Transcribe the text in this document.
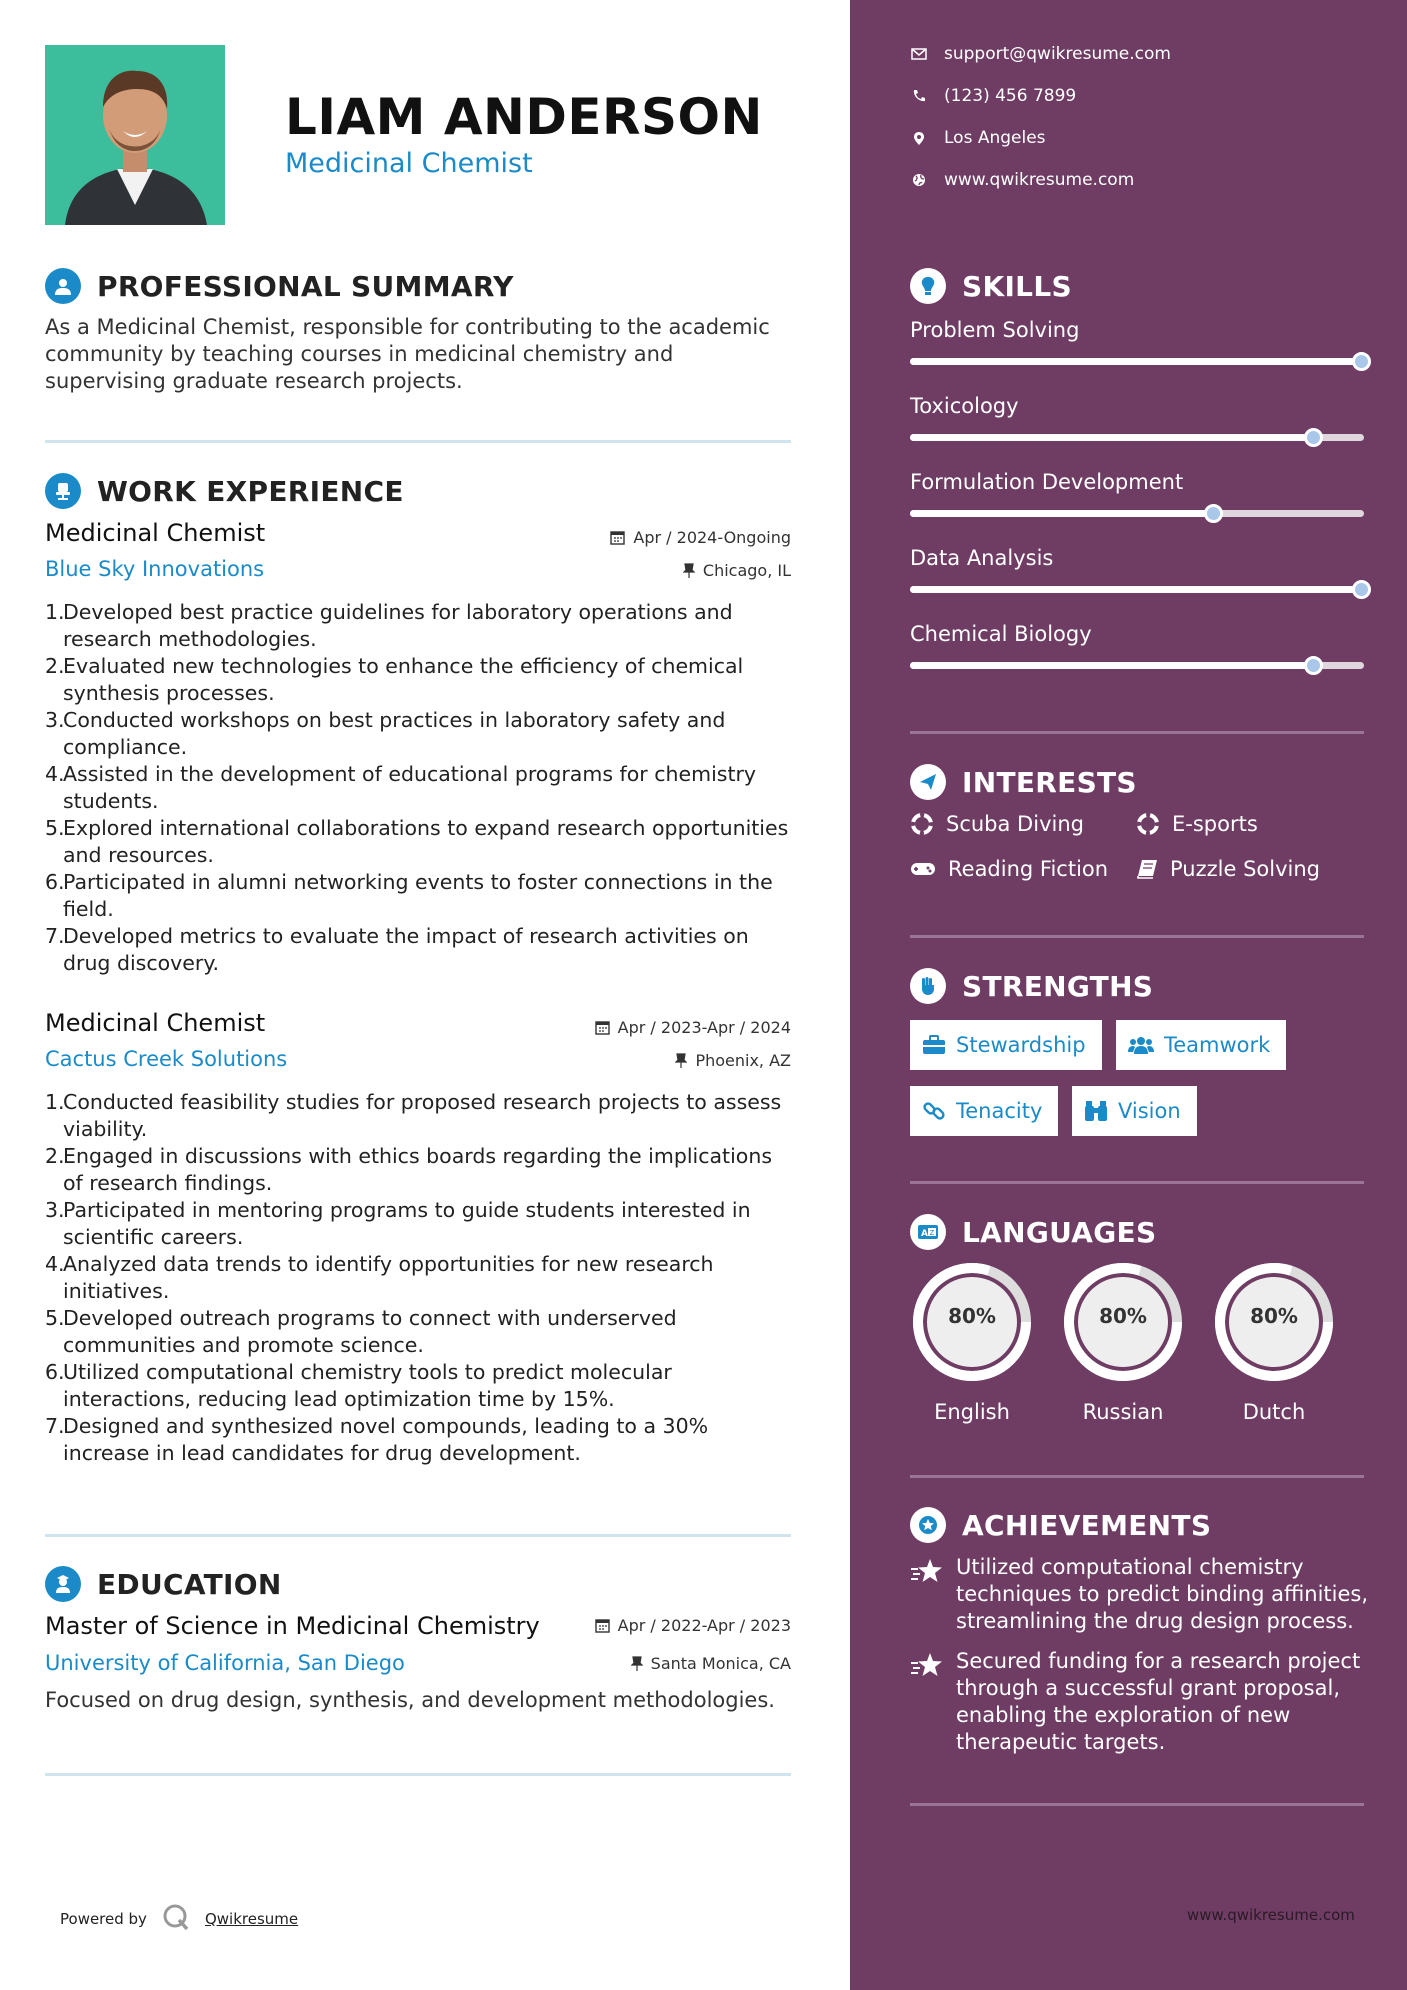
LIAM ANDERSON
Medicinal Chemist
PROFESSIONAL SUMMARY
As a Medicinal Chemist, responsible for contributing to the academic community by teaching courses in medicinal chemistry and supervising graduate research projects.
WORK EXPERIENCE
Medicinal Chemist	Apr / 2024-Ongoing
Blue Sky Innovations	Chicago, IL
1.
Developed best practice guidelines for laboratory operations and research methodologies.
2.
Evaluated new technologies to enhance the efficiency of chemical synthesis processes.
3.
Conducted workshops on best practices in laboratory safety and compliance.
4.
Assisted in the development of educational programs for chemistry students.
5.
Explored international collaborations to expand research opportunities and resources.
6.
Participated in alumni networking events to foster connections in the field.
7.
Developed metrics to evaluate the impact of research activities on drug discovery.
Medicinal Chemist	Apr / 2023-Apr / 2024
Cactus Creek Solutions	Phoenix, AZ
1.
Conducted feasibility studies for proposed research projects to assess viability.
2.
Engaged in discussions with ethics boards regarding the implications of research findings.
3.
Participated in mentoring programs to guide students interested in scientific careers.
4.
Analyzed data trends to identify opportunities for new research initiatives.
5.
Developed outreach programs to connect with underserved communities and promote science.
6.
Utilized computational chemistry tools to predict molecular interactions, reducing lead optimization time by 15%.
7.
Designed and synthesized novel compounds, leading to a 30% increase in lead candidates for drug development.
EDUCATION
Master of Science in Medicinal Chemistry	Apr / 2022-Apr / 2023
University of California, San Diego	Santa Monica, CA
Focused on drug design, synthesis, and development methodologies.
Powered by	Qwikresume
support@qwikresume.com
(123) 456 7899
Los Angeles
www.qwikresume.com
SKILLS
Problem Solving
Toxicology
Formulation Development
Data Analysis
Chemical Biology
INTERESTS
Scuba Diving	E-sports
Reading Fiction	Puzzle Solving
STRENGTHS
Stewardship	Teamwork
Tenacity	Vision
A Z LANGUAGES
80%
English
80%
Russian
80%
Dutch
ACHIEVEMENTS
Utilized computational chemistry techniques to predict binding affinities, streamlining the drug design process.
Secured funding for a research project through a successful grant proposal, enabling the exploration of new therapeutic targets.
www.qwikresume.com
